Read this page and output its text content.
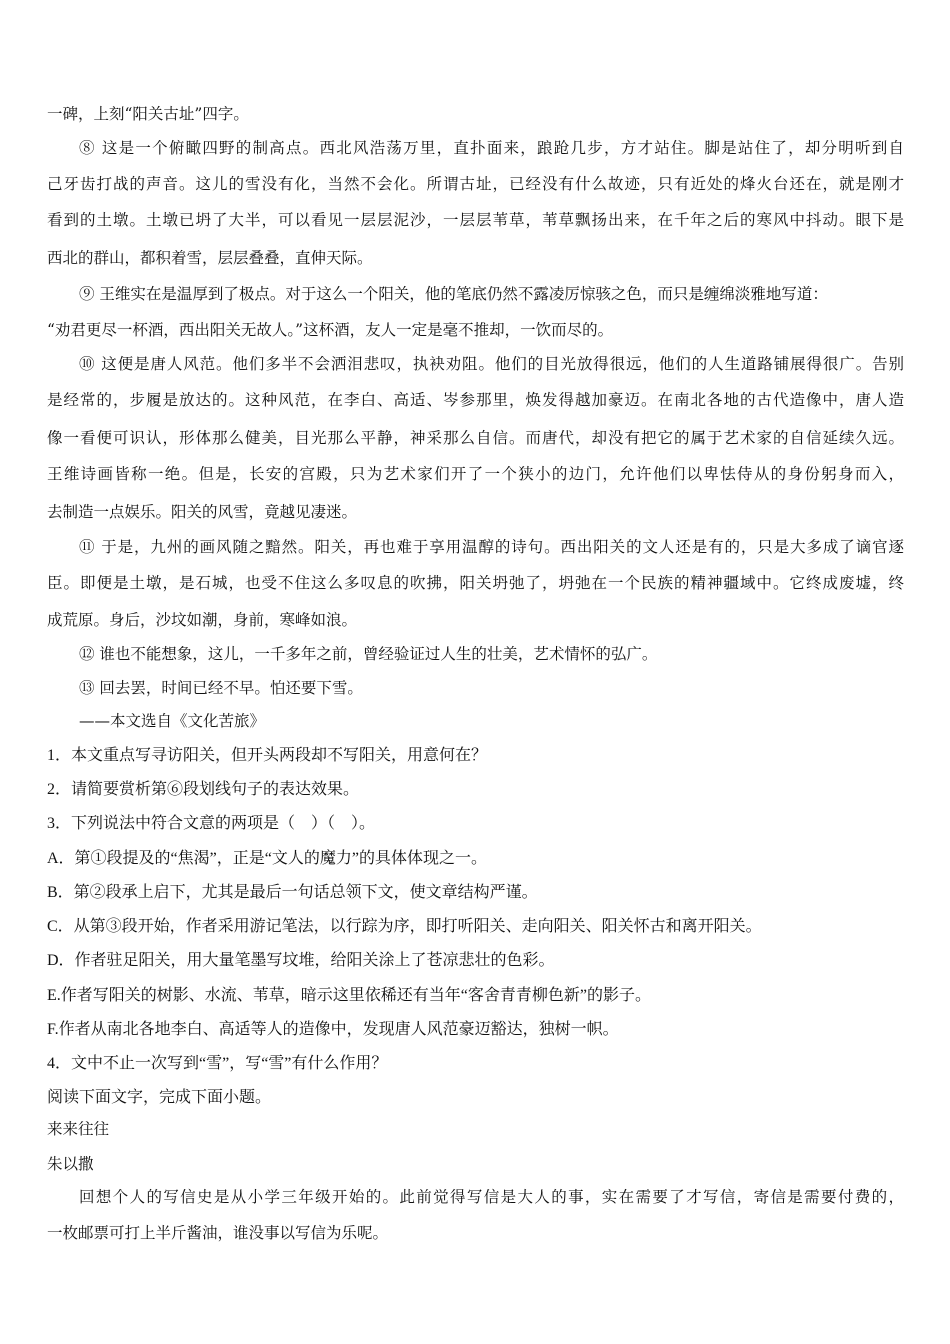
一碑，上刻“阳关古址”四字。
⑧ 这是一个俯瞰四野的制高点。西北风浩荡万里，直扑面来，踉跄几步，方才站住。脚是站住了，却分明听到自
己牙齿打战的声音。这儿的雪没有化，当然不会化。所谓古址，已经没有什么故迹，只有近处的烽火台还在，就是刚才
看到的土墩。土墩已坍了大半，可以看见一层层泥沙，一层层苇草，苇草飘扬出来，在千年之后的寒风中抖动。眼下是
西北的群山，都积着雪，层层叠叠，直伸天际。
⑨ 王维实在是温厚到了极点。对于这么一个阳关，他的笔底仍然不露凌厉惊骇之色，而只是缠绵淡雅地写道：
“劝君更尽一杯酒，西出阳关无故人。”这杯酒，友人一定是毫不推却，一饮而尽的。
⑩ 这便是唐人风范。他们多半不会洒泪悲叹，执袂劝阻。他们的目光放得很远，他们的人生道路铺展得很广。告别
是经常的，步履是放达的。这种风范，在李白、高适、岑参那里，焕发得越加豪迈。在南北各地的古代造像中，唐人造
像一看便可识认，形体那么健美，目光那么平静，神采那么自信。而唐代，却没有把它的属于艺术家的自信延续久远。
王维诗画皆称一绝。但是，长安的宫殿，只为艺术家们开了一个狭小的边门，允许他们以卑怯侍从的身份躬身而入，
去制造一点娱乐。阳关的风雪，竟越见凄迷。
⑪ 于是，九州的画风随之黯然。阳关，再也难于享用温醇的诗句。西出阳关的文人还是有的，只是大多成了谪官逐
臣。即便是土墩，是石城，也受不住这么多叹息的吹拂，阳关坍弛了，坍弛在一个民族的精神疆域中。它终成废墟，终
成荒原。身后，沙坟如潮，身前，寒峰如浪。
⑫ 谁也不能想象，这儿，一千多年之前，曾经验证过人生的壮美，艺术情怀的弘广。
⑬ 回去罢，时间已经不早。怕还要下雪。
——本文选自《文化苦旅》
1．本文重点写寻访阳关，但开头两段却不写阳关，用意何在？
2．请简要赏析第⑥段划线句子的表达效果。
3．下列说法中符合文意的两项是（　）（　）。
A．第①段提及的“焦渴”，正是“文人的魔力”的具体体现之一。
B．第②段承上启下，尤其是最后一句话总领下文，使文章结构严谨。
C．从第③段开始，作者采用游记笔法，以行踪为序，即打听阳关、走向阳关、阳关怀古和离开阳关。
D．作者驻足阳关，用大量笔墨写坟堆，给阳关涂上了苍凉悲壮的色彩。
E.作者写阳关的树影、水流、苇草，暗示这里依稀还有当年“客舍青青柳色新”的影子。
F.作者从南北各地李白、高适等人的造像中，发现唐人风范豪迈豁达，独树一帜。
4．文中不止一次写到“雪”，写“雪”有什么作用？
阅读下面文字，完成下面小题。
来来往往
朱以撒
回想个人的写信史是从小学三年级开始的。此前觉得写信是大人的事，实在需要了才写信，寄信是需要付费的，
一枚邮票可打上半斤酱油，谁没事以写信为乐呢。
